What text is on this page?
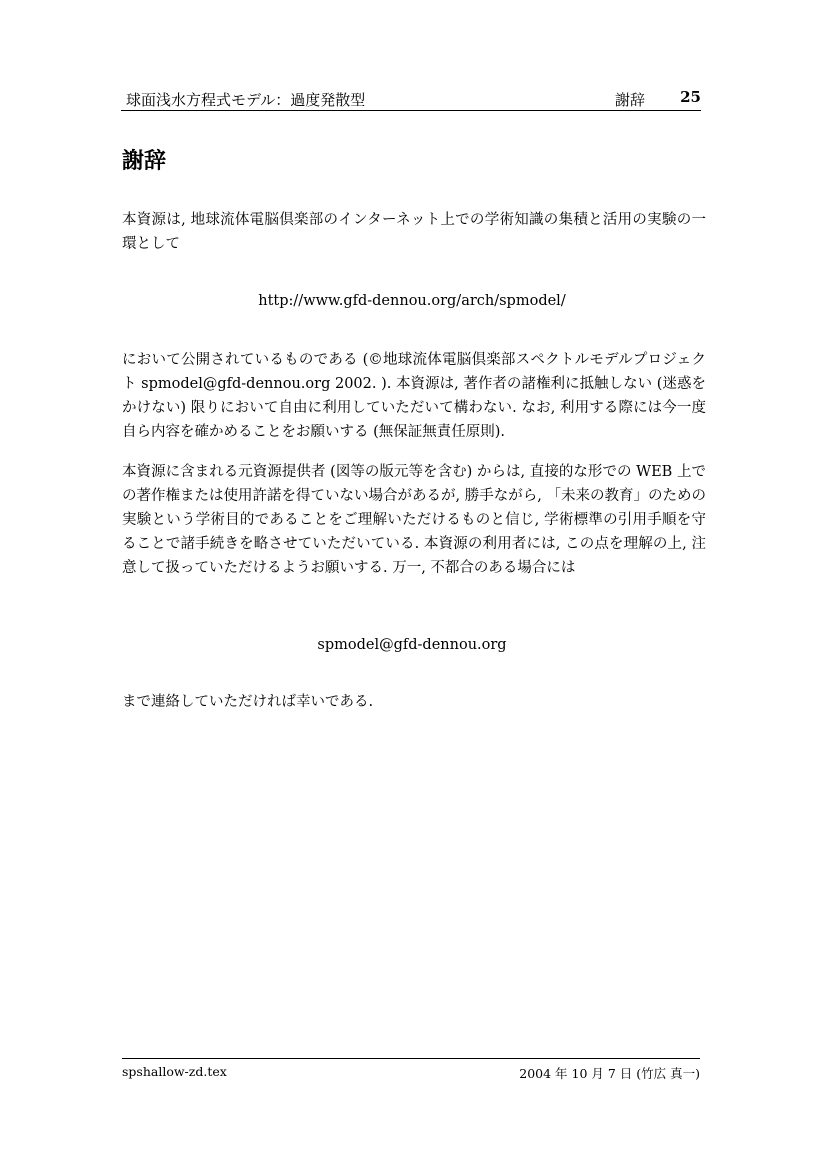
球面浅水方程式モデル：過度発散型	謝辞 25
謝辞

本資源は, 地球流体電脳倶楽部のインターネット上での学術知識の集積と活用の実験の一環として

http://www.gfd-dennou.org/arch/spmodel/

において公開されているものである (©地球流体電脳倶楽部スペクトルモデルプロジェクト spmodel@gfd-dennou.org 2002. ). 本資源は, 著作者の諸権利に抵触しない (迷惑をかけない) 限りにおいて自由に利用していただいて構わない. なお, 利用する際には今一度自ら内容を確かめることをお願いする (無保証無責任原則).

本資源に含まれる元資源提供者 (図等の版元等を含む) からは, 直接的な形での WEB 上での著作権または使用許諾を得ていない場合があるが, 勝手ながら, 「未来の教育」のための実験という学術目的であることをご理解いただけるものと信じ, 学術標準の引用手順を守ることで諸手続きを略させていただいている. 本資源の利用者には, この点を理解の上, 注意して扱っていただけるようお願いする. 万一, 不都合のある場合には

spmodel@gfd-dennou.org

まで連絡していただければ幸いである.

spshallow-zd.tex	2004 年 10 月 7 日 (竹広 真一)
